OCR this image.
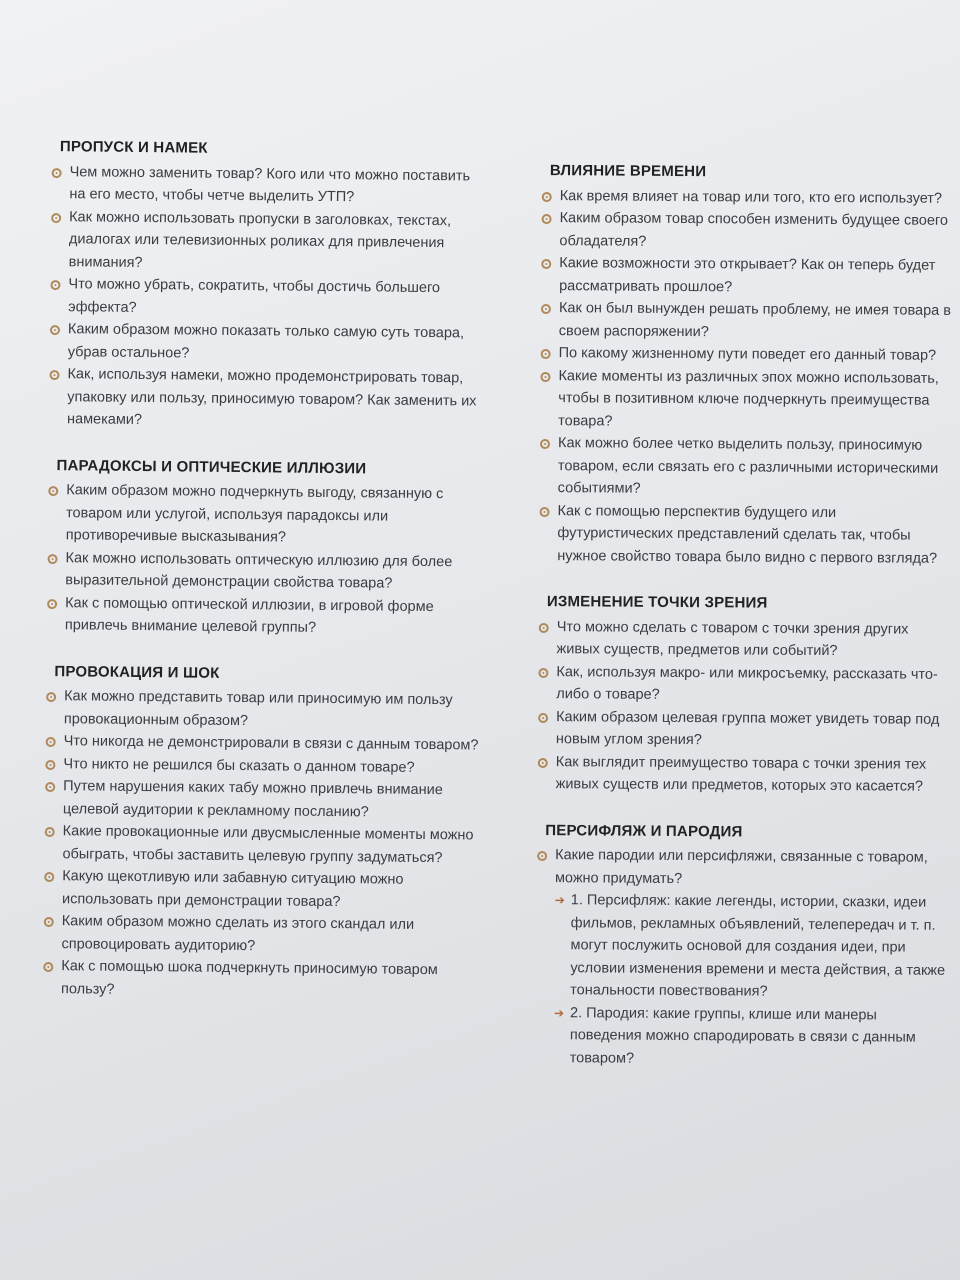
ПРОПУСК И НАМЕК
Чем можно заменить товар? Кого или что можно поставить на его место, чтобы четче выделить УТП?
Как можно использовать пропуски в заголовках, текстах, диалогах или телевизионных роликах для привлечения внимания?
Что можно убрать, сократить, чтобы достичь большего эффекта?
Каким образом можно показать только самую суть товара, убрав остальное?
Как, используя намеки, можно продемонстрировать товар, упаковку или пользу, приносимую товаром? Как заменить их намеками?
ПАРАДОКСЫ И ОПТИЧЕСКИЕ ИЛЛЮЗИИ
Каким образом можно подчеркнуть выгоду, связанную с товаром или услугой, используя парадоксы или противоречивые высказывания?
Как можно использовать оптическую иллюзию для более выразительной демонстрации свойства товара?
Как с помощью оптической иллюзии, в игровой форме привлечь внимание целевой группы?
ПРОВОКАЦИЯ И ШОК
Как можно представить товар или приносимую им пользу провокационным образом?
Что никогда не демонстрировали в связи с данным товаром?
Что никто не решился бы сказать о данном товаре?
Путем нарушения каких табу можно привлечь внимание целевой аудитории к рекламному посланию?
Какие провокационные или двусмысленные моменты можно обыграть, чтобы заставить целевую группу задуматься?
Какую щекотливую или забавную ситуацию можно использовать при демонстрации товара?
Каким образом можно сделать из этого скандал или спровоцировать аудиторию?
Как с помощью шока подчеркнуть приносимую товаром пользу?
ВЛИЯНИЕ ВРЕМЕНИ
Как время влияет на товар или того, кто его использует?
Каким образом товар способен изменить будущее своего обладателя?
Какие возможности это открывает? Как он теперь будет рассматривать прошлое?
Как он был вынужден решать проблему, не имея товара в своем распоряжении?
По какому жизненному пути поведет его данный товар?
Какие моменты из различных эпох можно использовать, чтобы в позитивном ключе подчеркнуть преимущества товара?
Как можно более четко выделить пользу, приносимую товаром, если связать его с различными историческими событиями?
Как с помощью перспектив будущего или футуристических представлений сделать так, чтобы нужное свойство товара было видно с первого взгляда?
ИЗМЕНЕНИЕ ТОЧКИ ЗРЕНИЯ
Что можно сделать с товаром с точки зрения других живых существ, предметов или событий?
Как, используя макро- или микросъемку, рассказать что-либо о товаре?
Каким образом целевая группа может увидеть товар под новым углом зрения?
Как выглядит преимущество товара с точки зрения тех живых существ или предметов, которых это касается?
ПЕРСИФЛЯЖ И ПАРОДИЯ
Какие пародии или персифляжи, связанные с товаром, можно придумать?
➔ 1. Персифляж: какие легенды, истории, сказки, идеи фильмов, рекламных объявлений, телепередач и т. п. могут послужить основой для создания идеи, при условии изменения времени и места действия, а также тональности повествования?
➔ 2. Пародия: какие группы, клише или манеры поведения можно спародировать в связи с данным товаром?
